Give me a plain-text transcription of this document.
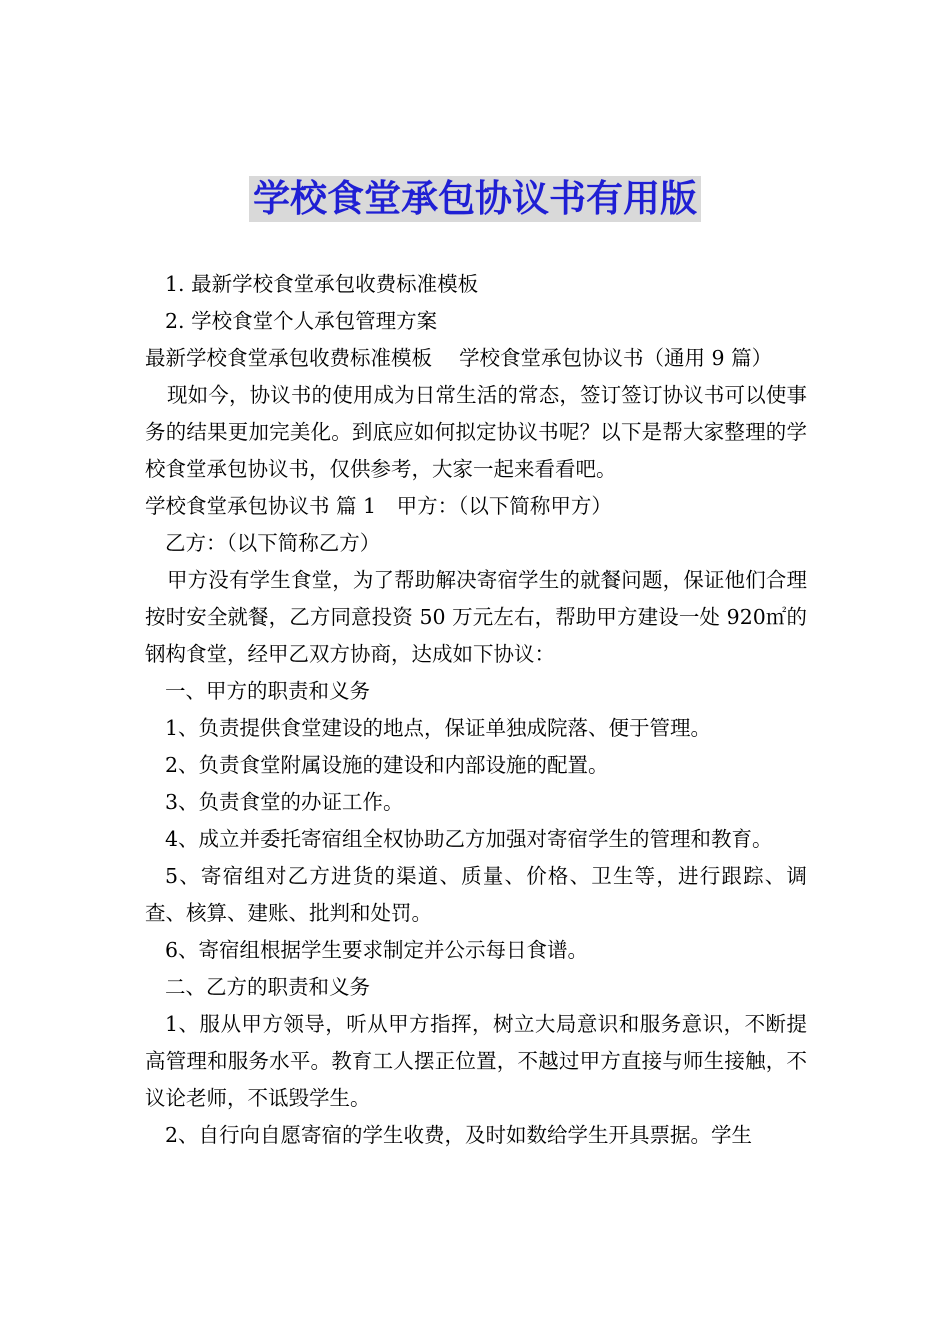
学校食堂承包协议书有用版

1. 最新学校食堂承包收费标准模板

2. 学校食堂个人承包管理方案

最新学校食堂承包收费标准模板　 学校食堂承包协议书（通用 9 篇）

现如今，协议书的使用成为日常生活的常态，签订签订协议书可以使事务的结果更加完美化。到底应如何拟定协议书呢？以下是帮大家整理的学校食堂承包协议书，仅供参考，大家一起来看看吧。

学校食堂承包协议书 篇 1　甲方：（以下简称甲方）

乙方：（以下简称乙方）

甲方没有学生食堂，为了帮助解决寄宿学生的就餐问题，保证他们合理按时安全就餐，乙方同意投资 50 万元左右，帮助甲方建设一处 920㎡的钢构食堂，经甲乙双方协商，达成如下协议：

一、甲方的职责和义务

1、负责提供食堂建设的地点，保证单独成院落、便于管理。

2、负责食堂附属设施的建设和内部设施的配置。

3、负责食堂的办证工作。

4、成立并委托寄宿组全权协助乙方加强对寄宿学生的管理和教育。

5、寄宿组对乙方进货的渠道、质量、价格、卫生等，进行跟踪、调查、核算、建账、批判和处罚。

6、寄宿组根据学生要求制定并公示每日食谱。

二、乙方的职责和义务

1、服从甲方领导，听从甲方指挥，树立大局意识和服务意识，不断提高管理和服务水平。教育工人摆正位置，不越过甲方直接与师生接触，不议论老师，不诋毁学生。

2、自行向自愿寄宿的学生收费，及时如数给学生开具票据。学生
